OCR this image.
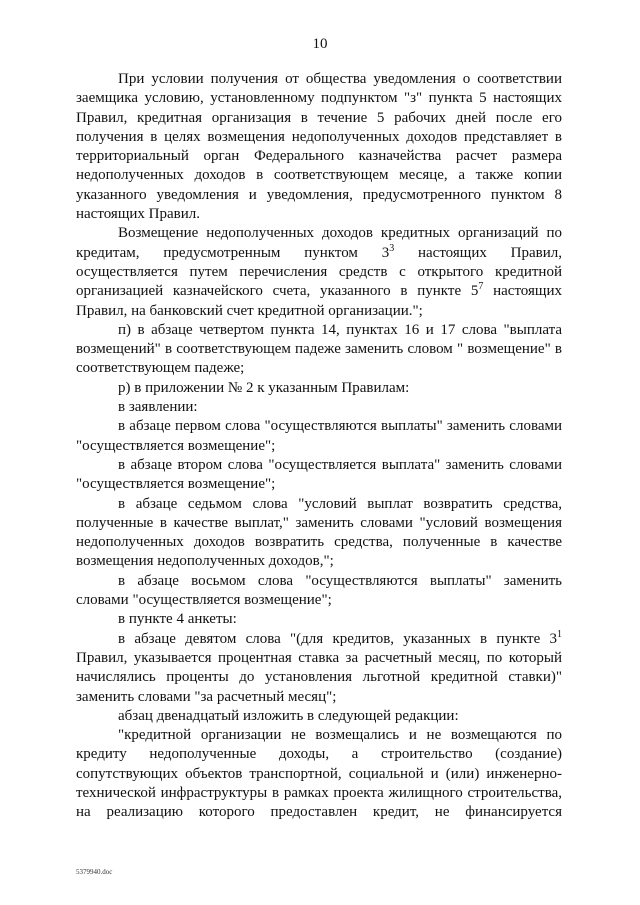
10

При условии получения от общества уведомления о соответствии заемщика условию, установленному подпунктом "з" пункта 5 настоящих Правил, кредитная организация в течение 5 рабочих дней после его получения в целях возмещения недополученных доходов представляет в территориальный орган Федерального казначейства расчет размера недополученных доходов в соответствующем месяце, а также копии указанного уведомления и уведомления, предусмотренного пунктом 8 настоящих Правил.

Возмещение недополученных доходов кредитных организаций по кредитам, предусмотренным пунктом $3^3$ настоящих Правил, осуществляется путем перечисления средств с открытого кредитной организацией казначейского счета, указанного в пункте $5^7$ настоящих Правил, на банковский счет кредитной организации.";

п) в абзаце четвертом пункта 14, пунктах 16 и 17 слова "выплата возмещений" в соответствующем падеже заменить словом " возмещение" в соответствующем падеже;

р) в приложении № 2 к указанным Правилам:

в заявлении:

в абзаце первом слова "осуществляются выплаты" заменить словами "осуществляется возмещение";

в абзаце втором слова "осуществляется выплата" заменить словами "осуществляется возмещение";

в абзаце седьмом слова "условий выплат возвратить средства, полученные в качестве выплат," заменить словами "условий возмещения недополученных доходов возвратить средства, полученные в качестве возмещения недополученных доходов,";

в абзаце восьмом слова "осуществляются выплаты" заменить словами "осуществляется возмещение";

в пункте 4 анкеты:

в абзаце девятом слова "(для кредитов, указанных в пункте $3^1$ Правил, указывается процентная ставка за расчетный месяц, по который начислялись проценты до установления льготной кредитной ставки)" заменить словами "за расчетный месяц";

абзац двенадцатый изложить в следующей редакции:

"кредитной организации не возмещались и не возмещаются по кредиту недополученные доходы, а строительство (создание) сопутствующих объектов транспортной, социальной и (или) инженерно-технической инфраструктуры в рамках проекта жилищного строительства, на реализацию которого предоставлен кредит, не финансируется

5379940.doc
